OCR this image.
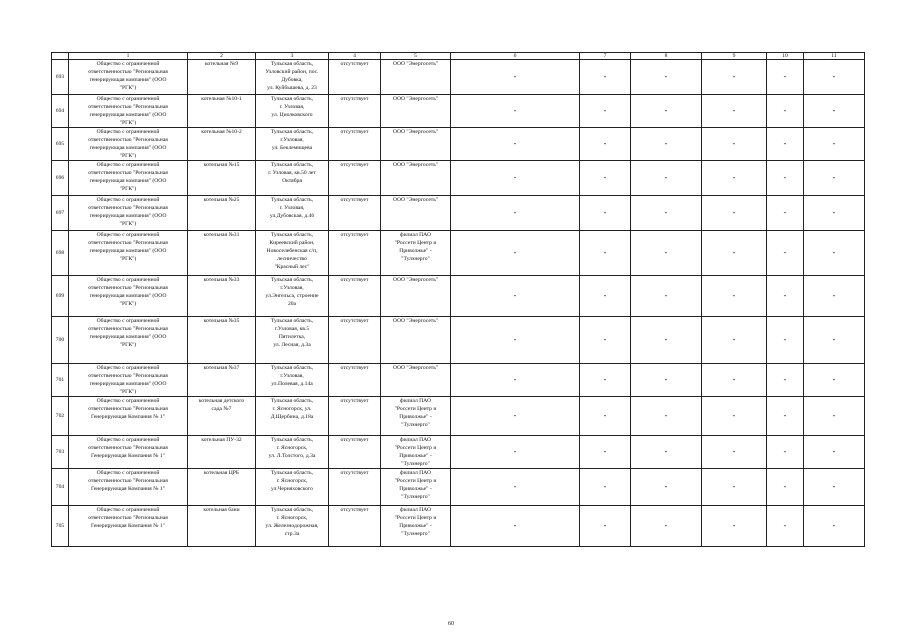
	1	2	3	4	5	6	7	8	9	10	11
693	Общество с ограниченной
ответственностью "Региональная
генерирующая компания" (ООО
"РГК")	котельная №9	Тульская область,
Узловский район, пос.
Дубовка,
ул. Куйбышева, д. 23	отсутствует	ООО "Энергосеть"	-	-	-	-	-	-
694	Общество с ограниченной
ответственностью "Региональная
генерирующая компания" (ООО
"РГК")	котельная №10-1	Тульская область,
г. Узловая,
ул. Циолковского	отсутствует	ООО "Энергосеть"	-	-	-	-	-	-
695	Общество с ограниченной
ответственностью "Региональная
генерирующая компания" (ООО
"РГК")	котельная №10-2	Тульская область,
г.Узловая,
ул. Беклемищева	отсутствует	ООО "Энергосеть"	-	-	-	-	-	-
696	Общество с ограниченной
ответственностью "Региональная
генерирующая компания" (ООО
"РГК")	котельная №15	Тульская область,
г. Узловая, кв.50 лет
Октября	отсутствует	ООО "Энергосеть"	-	-	-	-	-	-
697	Общество с ограниченной
ответственностью "Региональная
генерирующая компания" (ООО
"РГК")	котельная №25	Тульская область,
г. Узловая,
ул.Дубовская, д.46	отсутствует	ООО "Энергосеть"	-	-	-	-	-	-
698	Общество с ограниченной
ответственностью "Региональная
генерирующая компания" (ООО
"РГК")	котельная №31	Тульская область,
Киреевский район,
Новоселебенская с/п,
лесничество
"Красный лес"	отсутствует	филиал ПАО
"Россети Центр и
Приволжье" -
"Тулэнерго"	-	-	-	-	-	-
699	Общество с ограниченной
ответственностью "Региональная
генерирующая компания" (ООО
"РГК")	котельная №33	Тульская область,
г.Узловая,
ул.Энгельса, строение
20а	отсутствует	ООО "Энергосеть"	-	-	-	-	-	-
700	Общество с ограниченной
ответственностью "Региональная
генерирующая компания" (ООО
"РГК")	котельная №35	Тульская область,
г.Узловая, кв.5
Пятилетка,
ул. Лесная, д.3а	отсутствует	ООО "Энергосеть"	-	-	-	-	-	-
701	Общество с ограниченной
ответственностью "Региональная
генерирующая компания" (ООО
"РГК")	котельная №37	Тульская область,
г.Узловая,
ул.Полевая, д.14а	отсутствует	ООО "Энергосеть"	-	-	-	-	-	-
702	Общество с ограниченной
ответственностью "Региональная
Генерирующая Компания № 1"	котельная детского
сада №7	Тульская область,
г. Ясногорск, ул.
Д.Щербина, д.18а	отсутствует	филиал ПАО
"Россети Центр и
Приволжье" -
"Тулэнерго"	-	-	-	-	-	-
703	Общество с ограниченной
ответственностью "Региональная
Генерирующая Компания № 1"	котельная ПУ-32	Тульская область,
г. Ясногорск,
ул. Л.Толстого, д.3а	отсутствует	филиал ПАО
"Россети Центр и
Приволжье" -
"Тулэнерго"	-	-	-	-	-	-
704	Общество с ограниченной
ответственностью "Региональная
Генерирующая Компания № 1"	котельная ЦРБ	Тульская область,
г. Ясногорск,
ул.Черняховского	отсутствует	филиал ПАО
"Россети Центр и
Приволжье" -
"Тулэнерго"	-	-	-	-	-	-
705	Общество с ограниченной
ответственностью "Региональная
Генерирующая Компания № 1"	котельная бани	Тульская область,
г. Ясногорск,
ул. Железнодорожная,
стр.3а	отсутствует	филиал ПАО
"Россети Центр и
Приволжье" -
"Тулэнерго"	-	-	-	-	-	-
60
